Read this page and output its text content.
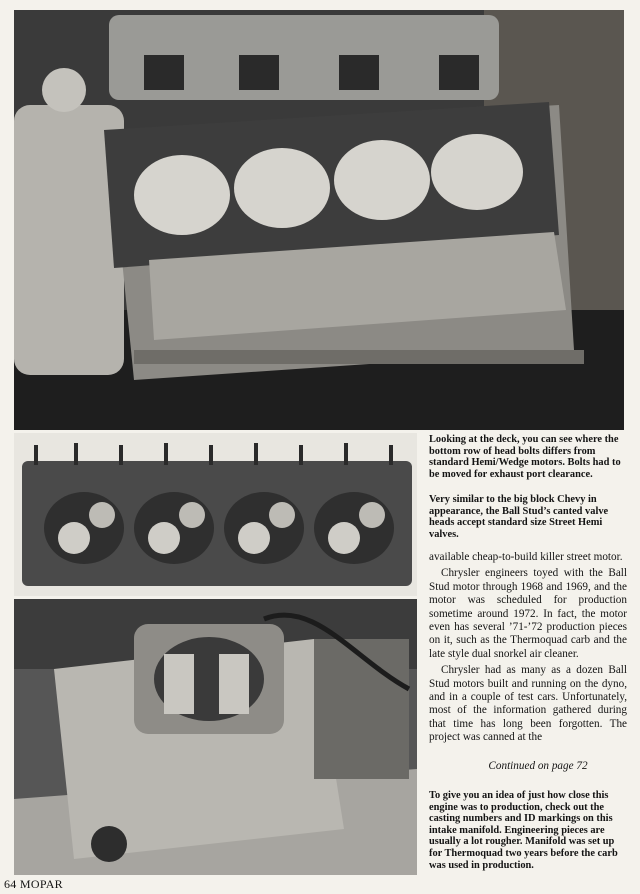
Looking at the deck, you can see where the bottom row of head bolts differs from standard Hemi/Wedge motors. Bolts had to be moved for exhaust port clearance.

Very similar to the big block Chevy in appearance, the Ball Stud’s canted valve heads accept standard size Street Hemi valves.

To give you an idea of just how close this engine was to production, check out the casting numbers and ID markings on this intake manifold. Engineering pieces are usually a lot rougher. Manifold was set up for Thermoquad two years before the carb was used in production.

available cheap-to-build killer street motor.

Chrysler engineers toyed with the Ball Stud motor through 1968 and 1969, and the motor was scheduled for production sometime around 1972. In fact, the motor even has several ’71-’72 production pieces on it, such as the Thermoquad carb and the late style dual snorkel air cleaner.

Chrysler had as many as a dozen Ball Stud motors built and running on the dyno, and in a couple of test cars. Unfortunately, most of the information gathered during that time has long been forgotten. The project was canned at the

Continued on page 72
64 MOPAR
